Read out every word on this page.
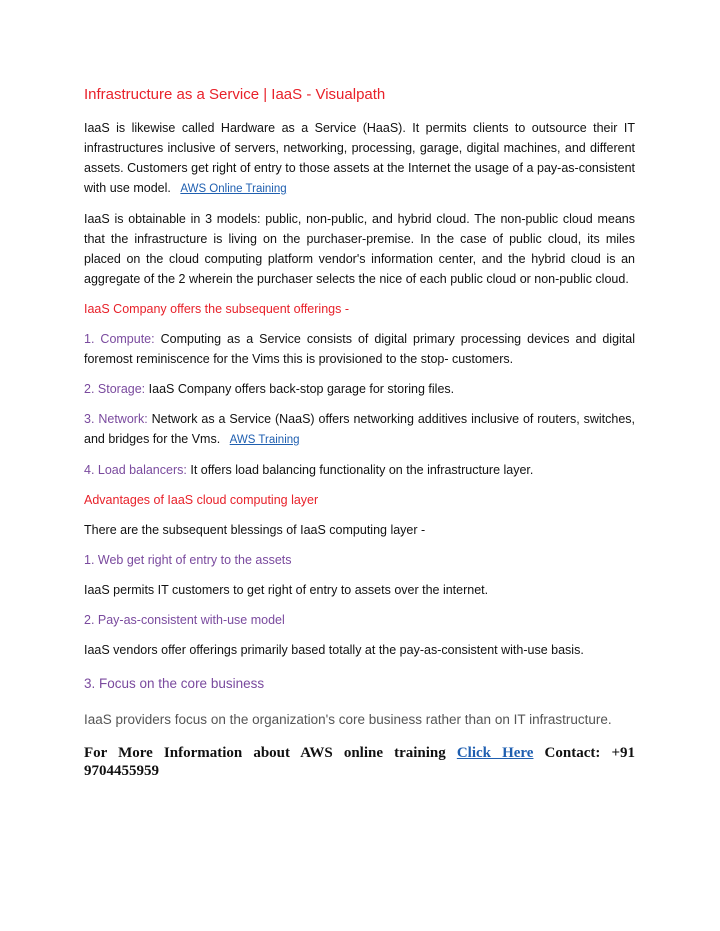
Infrastructure as a Service | IaaS - Visualpath

IaaS is likewise called Hardware as a Service (HaaS). It permits clients to outsource their IT infrastructures inclusive of servers, networking, processing, garage, digital machines, and different assets. Customers get right of entry to those assets at the Internet the usage of a pay-as-consistent with use model. AWS Online Training

IaaS is obtainable in 3 models: public, non-public, and hybrid cloud. The non-public cloud means that the infrastructure is living on the purchaser-premise. In the case of public cloud, its miles placed on the cloud computing platform vendor's information center, and the hybrid cloud is an aggregate of the 2 wherein the purchaser selects the nice of each public cloud or non-public cloud.

IaaS Company offers the subsequent offerings -

1. Compute: Computing as a Service consists of digital primary processing devices and digital foremost reminiscence for the Vims this is provisioned to the stop- customers.

2. Storage: IaaS Company offers back-stop garage for storing files.

3. Network: Network as a Service (NaaS) offers networking additives inclusive of routers, switches, and bridges for the Vms. AWS Training

4. Load balancers: It offers load balancing functionality on the infrastructure layer.

Advantages of IaaS cloud computing layer

There are the subsequent blessings of IaaS computing layer -

1. Web get right of entry to the assets

IaaS permits IT customers to get right of entry to assets over the internet.

2. Pay-as-consistent with-use model

IaaS vendors offer offerings primarily based totally at the pay-as-consistent with-use basis.

3. Focus on the core business

IaaS providers focus on the organization's core business rather than on IT infrastructure.

For More Information about AWS online training Click Here Contact: +91 9704455959
